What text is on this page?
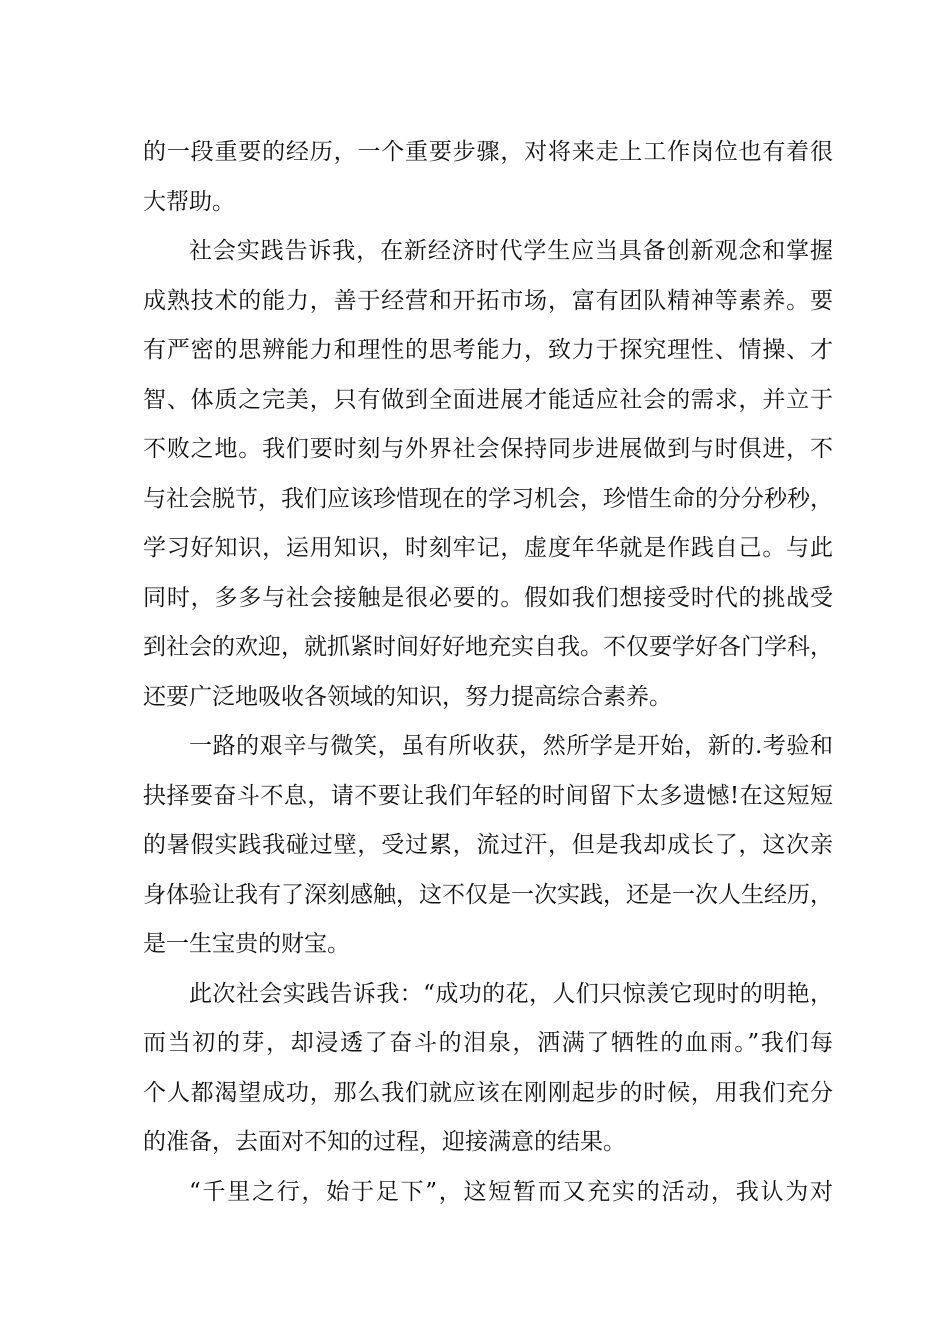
的一段重要的经历，一个重要步骤，对将来走上工作岗位也有着很
大帮助。
社会实践告诉我，在新经济时代学生应当具备创新观念和掌握
成熟技术的能力，善于经营和开拓市场，富有团队精神等素养。要
有严密的思辨能力和理性的思考能力，致力于探究理性、情操、才
智、体质之完美，只有做到全面进展才能适应社会的需求，并立于
不败之地。我们要时刻与外界社会保持同步进展做到与时俱进，不
与社会脱节，我们应该珍惜现在的学习机会，珍惜生命的分分秒秒，
学习好知识，运用知识，时刻牢记，虚度年华就是作践自己。与此
同时，多多与社会接触是很必要的。假如我们想接受时代的挑战受
到社会的欢迎，就抓紧时间好好地充实自我。不仅要学好各门学科，
还要广泛地吸收各领域的知识，努力提高综合素养。
一路的艰辛与微笑，虽有所收获，然所学是开始，新的.考验和
抉择要奋斗不息，请不要让我们年轻的时间留下太多遗憾!在这短短
的暑假实践我碰过壁，受过累，流过汗，但是我却成长了，这次亲
身体验让我有了深刻感触，这不仅是一次实践，还是一次人生经历，
是一生宝贵的财宝。
此次社会实践告诉我：“成功的花，人们只惊羡它现时的明艳，
而当初的芽，却浸透了奋斗的泪泉，洒满了牺牲的血雨。”我们每
个人都渴望成功，那么我们就应该在刚刚起步的时候，用我们充分
的准备，去面对不知的过程，迎接满意的结果。
“千里之行，始于足下”，这短暂而又充实的活动，我认为对
